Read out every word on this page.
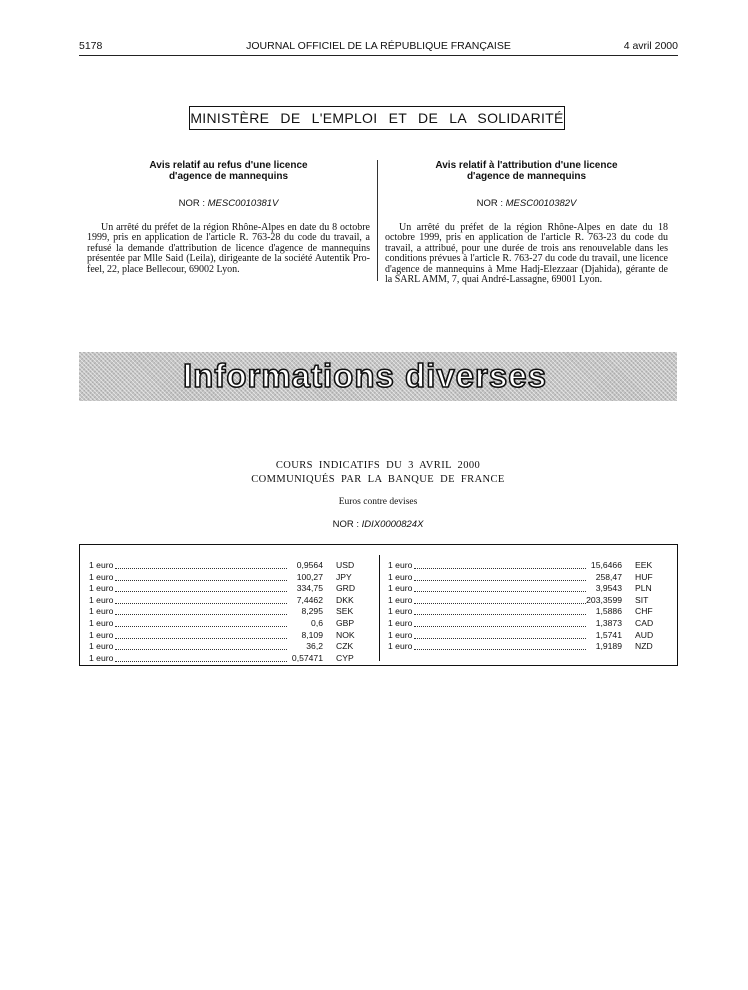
5178	JOURNAL OFFICIEL DE LA RÉPUBLIQUE FRANÇAISE	4 avril 2000
MINISTÈRE DE L'EMPLOI ET DE LA SOLIDARITÉ
Avis relatif au refus d'une licence
d'agence de mannequins

NOR : MESC0010381V

Un arrêté du préfet de la région Rhône-Alpes en date du 8 octobre 1999, pris en application de l'article R. 763-28 du code du travail, a refusé la demande d'attribution de licence d'agence de mannequins présentée par Mlle Said (Leila), dirigeante de la société Autentik Pro-feel, 22, place Bellecour, 69002 Lyon.

Avis relatif à l'attribution d'une licence
d'agence de mannequins

NOR : MESC0010382V

Un arrêté du préfet de la région Rhône-Alpes en date du 18 octobre 1999, pris en application de l'article R. 763-23 du code du travail, a attribué, pour une durée de trois ans renouvelable dans les conditions prévues à l'article R. 763-27 du code du travail, une licence d'agence de mannequins à Mme Hadj-Elezzaar (Djahida), gérante de la SARL AMM, 7, quai André-Lassagne, 69001 Lyon.

Informations diverses
COURS INDICATIFS DU 3 AVRIL 2000
COMMUNIQUÉS PAR LA BANQUE DE FRANCE
Euros contre devises
NOR : IDIX0000824X
1 euro	0,9564 USD
1 euro	100,27 JPY
1 euro	334,75 GRD
1 euro	7,4462 DKK
1 euro	8,295 SEK
1 euro	0,6 GBP
1 euro	8,109 NOK
1 euro	36,2 CZK
1 euro	0,57471 CYP
1 euro	15,6466 EEK
1 euro	258,47 HUF
1 euro	3,9543 PLN
1 euro	203,3599 SIT
1 euro	1,5886 CHF
1 euro	1,3873 CAD
1 euro	1,5741 AUD
1 euro	1,9189 NZD
